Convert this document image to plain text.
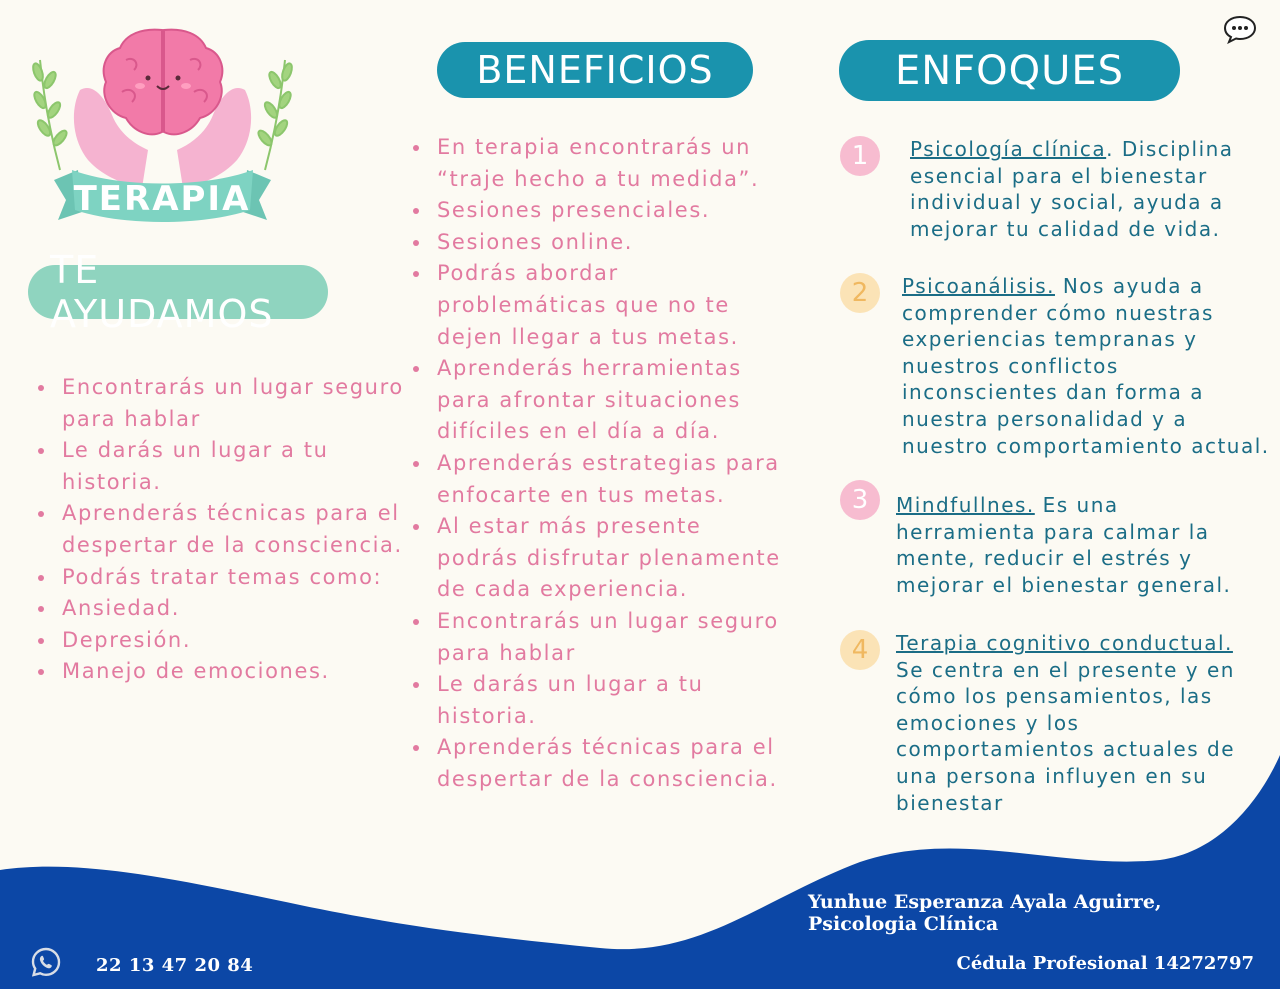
TERAPIA
TE AYUDAMOS
Encontrarás un lugar seguro para hablar
Le darás un lugar a tu historia.
Aprenderás técnicas para el despertar de la consciencia.
Podrás tratar temas como:
Ansiedad.
Depresión.
Manejo de emociones.
BENEFICIOS
En terapia encontrarás un “traje hecho a tu medida”.
Sesiones presenciales.
Sesiones online.
Podrás abordar problemáticas que no te dejen llegar a tus metas.
Aprenderás herramientas para afrontar situaciones difíciles en el día a día.
Aprenderás estrategias para enfocarte en tus metas.
Al estar más presente podrás disfrutar plenamente de cada experiencia.
Encontrarás un lugar seguro para hablar
Le darás un lugar a tu historia.
Aprenderás técnicas para el despertar de la consciencia.
ENFOQUES
1	Psicología clínica. Disciplina esencial para el bienestar individual y social, ayuda a mejorar tu calidad de vida.
2	Psicoanálisis. Nos ayuda a comprender cómo nuestras experiencias tempranas y nuestros conflictos inconscientes dan forma a nuestra personalidad y a nuestro comportamiento actual.
3	Mindfullnes. Es una herramienta para calmar la mente, reducir el estrés y mejorar el bienestar general.
4	Terapia cognitivo conductual. Se centra en el presente y en cómo los pensamientos, las emociones y los comportamientos actuales de una persona influyen en su bienestar
Yunhue Esperanza Ayala Aguirre,
Psicologia Clínica
Cédula Profesional 14272797
22 13 47 20 84
